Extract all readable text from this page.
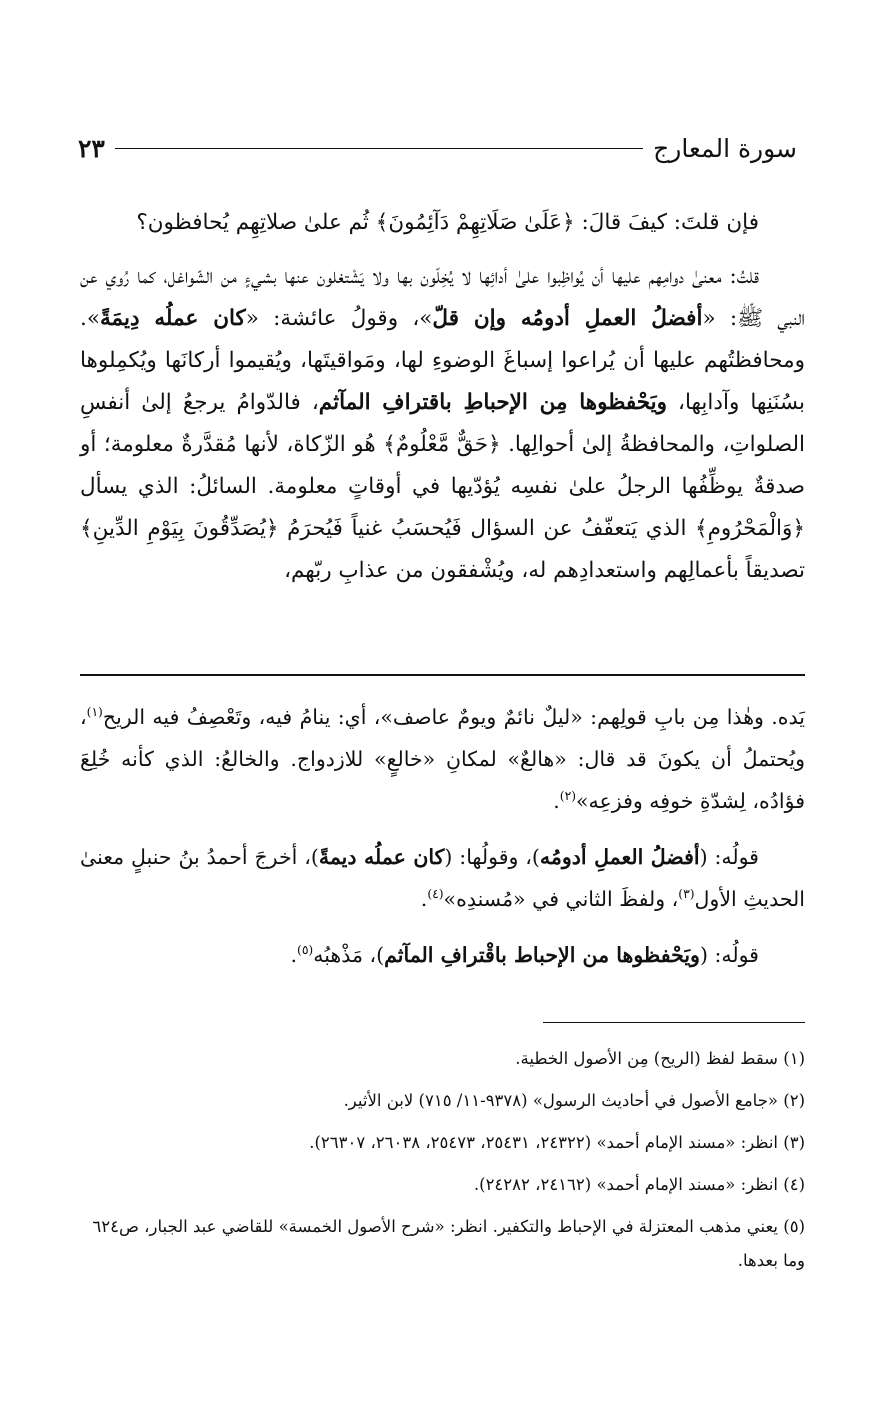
سورة المعارج
٢٣

فإن قلتَ: كيفَ قالَ: ﴿عَلَىٰ صَلَاتِهِمْ دَآئِمُونَ﴾ ثُم علىٰ صلاتِهِم يُحافظون؟

قلتُ: معنىٰ دوامِهم عليها أن يُواظِبوا علىٰ أدائِها لا يُخِلّون بها ولا يَشْتغلون عنها بشيءٍ من الشّواغل، كما رُوي عن النبي ﷺ: «أفضلُ العملِ أدومُه وإن قلّ»، وقولُ عائشة: «كان عملُه دِيمَةً». ومحافظتُهم عليها أن يُراعوا إسباغَ الوضوءِ لها، ومَواقيتَها، ويُقيموا أركانَها ويُكمِلوها بسُنَنِها وآدابِها، ويَحْفظوها مِن الإحباطِ باقترافِ المآثم، فالدّوامُ يرجعُ إلىٰ أنفسِ الصلواتِ، والمحافظةُ إلىٰ أحوالِها. ﴿حَقٌّ مَّعْلُومٌ﴾ هُو الزّكاة، لأنها مُقدَّرةٌ معلومة؛ أو صدقةٌ يوظِّفُها الرجلُ علىٰ نفسِه يُؤدّيها في أوقاتٍ معلومة. السائلُ: الذي يسأل ﴿وَالْمَحْرُومِ﴾ الذي يَتعفّفُ عن السؤال فَيُحسَبُ غنياً فَيُحرَمُ ﴿يُصَدِّقُونَ بِيَوْمِ الدِّينِ﴾ تصديقاً بأعمالِهم واستعدادِهم له، ويُشْفقون من عذابِ ربّهم،

يَده. وهٰذا مِن بابِ قولِهم: «ليلٌ نائمٌ ويومٌ عاصف»، أي: ينامُ فيه، وتَعْصِفُ فيه الريح$^{(١)}$، ويُحتملُ أن يكونَ قد قال: «هالعٌ» لمكانِ «خالعٍ» للازدواج. والخالعُ: الذي كأنه خُلِعَ فؤادُه، لِشدّةِ خوفِه وفزعِه»$^{(٢)}$.

قولُه: (أفضلُ العملِ أدومُه)، وقولُها: (كان عملُه ديمةً)، أخرجَ أحمدُ بنُ حنبلٍ معنىٰ الحديثِ الأول$^{(٣)}$، ولفظَ الثاني في «مُسندِه»$^{(٤)}$.

قولُه: (ويَحْفظوها من الإحباط باقْترافِ المآثم)، مَذْهبُه$^{(٥)}$.

(١) سقط لفظ (الريح) مِن الأصول الخطية.

(٢) «جامع الأصول في أحاديث الرسول» (٩٣٧٨-١١/ ٧١٥) لابن الأثير.

(٣) انظر: «مسند الإمام أحمد» (٢٤٣٢٢، ٢٥٤٣١، ٢٥٤٧٣، ٢٦٠٣٨، ٢٦٣٠٧).

(٤) انظر: «مسند الإمام أحمد» (٢٤١٦٢، ٢٤٢٨٢).

(٥) يعني مذهب المعتزلة في الإحباط والتكفير. انظر: «شرح الأصول الخمسة» للقاضي عبد الجبار، ص٦٢٤ وما بعدها.
